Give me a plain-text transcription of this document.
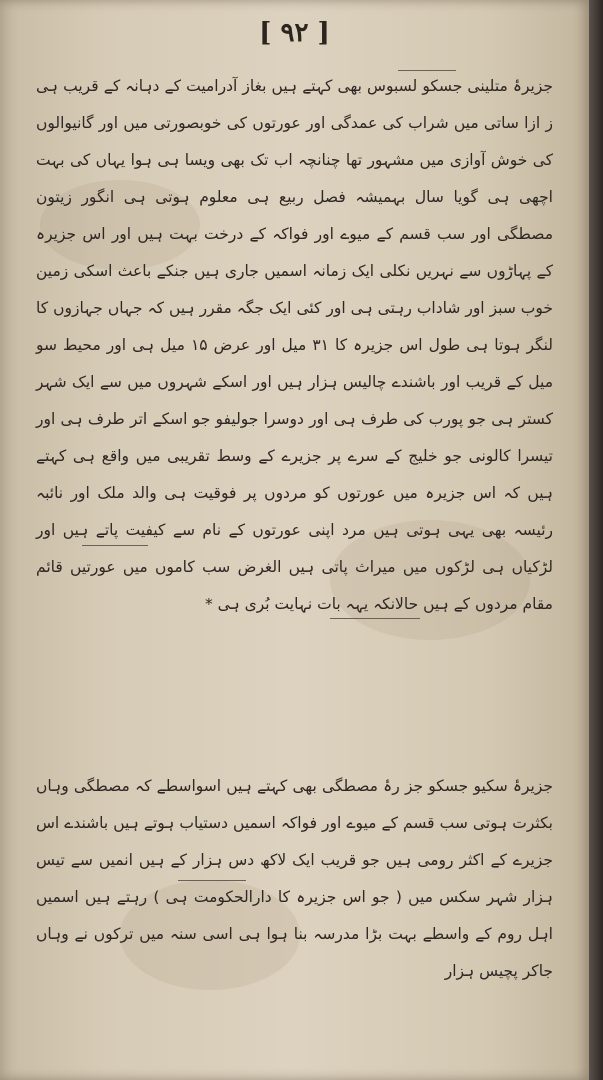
[ ۹۲ ]
جزیرۂ متلینی جسکو لسبوس بھی کہتے ہیں بغاز آدرامیت کے دہانہ کے قریب ہی ز ازا ساتی میں شراب کی عمدگی اور عورتوں کی خوبصورتی میں اور گانیوالوں کی خوش آوازی میں مشہور تھا چنانچہ اب تک بھی ویسا ہی ہوا یہاں کی بہت اچھی ہی گویا سال بہمیشہ فصل ربیع ہی معلوم ہوتی ہی انگور زیتون مصطگی اور سب قسم کے میوے اور فواکہ کے درخت بہت ہیں اور اس جزیرہ کے پہاڑوں سے نہریں نکلی ایک زمانہ اسمیں جاری ہیں جنکے باعث اسکی زمین خوب سبز اور شاداب رہتی ہی اور کئی ایک جگہ مقرر ہیں کہ جہاں جہازوں کا لنگر ہوتا ہی طول اس جزیرہ کا ۳۱ میل اور عرض ۱۵ میل ہی اور محیط سو میل کے قریب اور باشندے چالیس ہزار ہیں اور اسکے شہروں میں سے ایک شہر کستر ہی جو پورب کی طرف ہی اور دوسرا جولیفو جو اسکے اتر طرف ہی اور تیسرا کالونی جو خلیج کے سرے پر جزیرے کے وسط تقریبی میں واقع ہی کہتے ہیں کہ اس جزیرہ میں عورتوں کو مردوں پر فوقیت ہی والد ملک اور نائبہ رئیسہ بھی یہی ہوتی ہیں مرد اپنی عورتوں کے نام سے کیفیت پاتے ہیں اور لڑکیاں ہی لڑکوں میں میراث پاتی ہیں الغرض سب کاموں میں عورتیں قائم مقام مردوں کے ہیں حالانکہ یہہ بات نہایت بُری ہی *
جزیرۂ سکیو جسکو جز رۂ مصطگی بھی کہتے ہیں اسواسطے کہ مصطگی وہاں بکثرت ہوتی سب قسم کے میوے اور فواکہ اسمیں دستیاب ہوتے ہیں باشندے اس جزیرے کے اکثر رومی ہیں جو قریب ایک لاکھ دس ہزار کے ہیں انمیں سے تیس ہزار شہر سکس میں ( جو اس جزیرہ کا دارالحکومت ہی ) رہتے ہیں اسمیں اہل روم کے واسطے بہت بڑا مدرسہ بنا ہوا ہی اسی سنہ میں ترکوں نے وہاں جاکر پچیس ہزار
